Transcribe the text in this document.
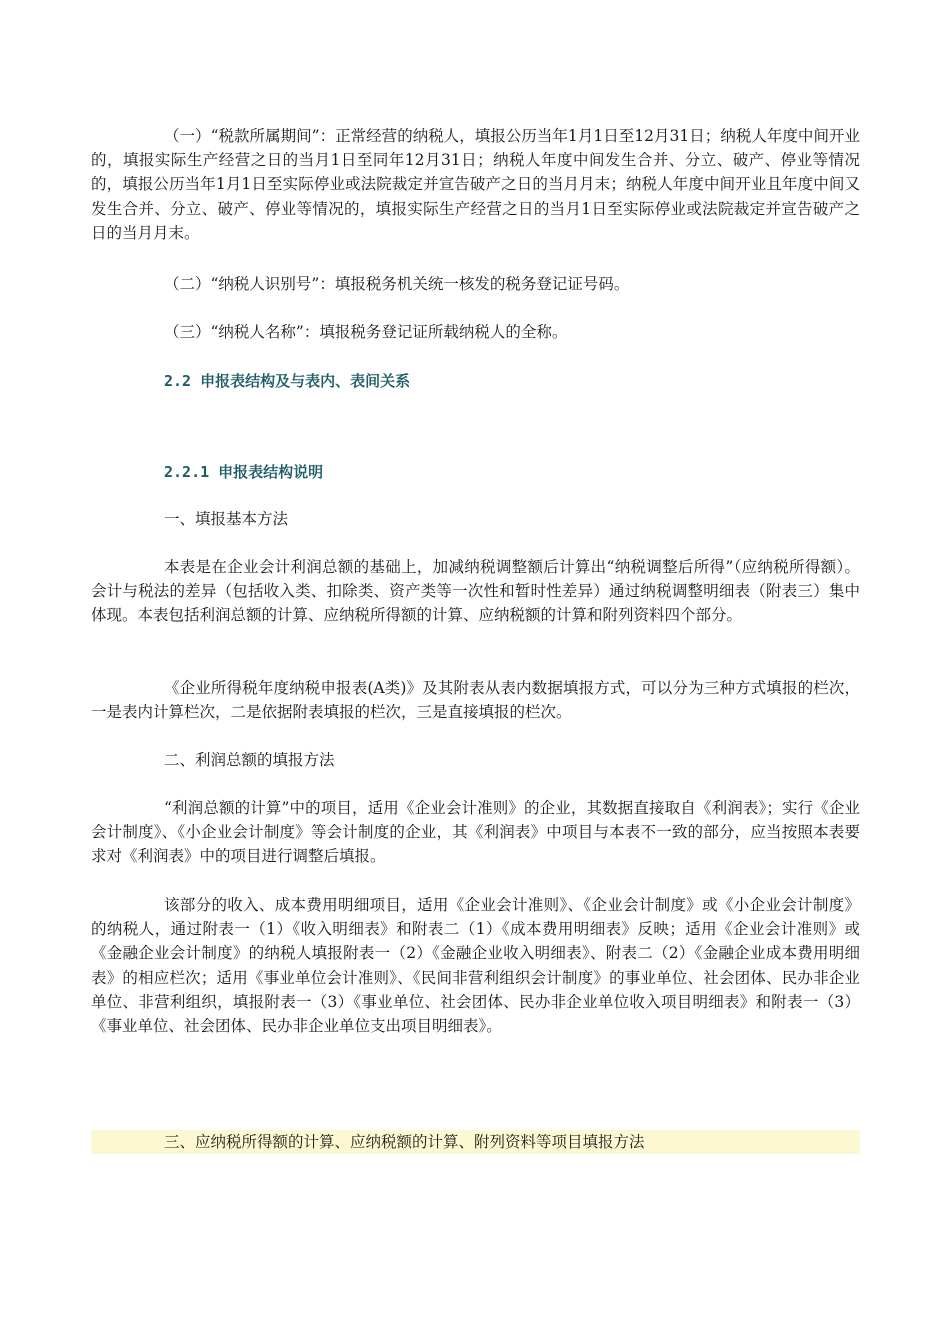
（一）“税款所属期间”：正常经营的纳税人，填报公历当年1月1日至12月31日；纳税人年度中间开业的，填报实际生产经营之日的当月1日至同年12月31日；纳税人年度中间发生合并、分立、破产、停业等情况的，填报公历当年1月1日至实际停业或法院裁定并宣告破产之日的当月月末；纳税人年度中间开业且年度中间又发生合并、分立、破产、停业等情况的，填报实际生产经营之日的当月1日至实际停业或法院裁定并宣告破产之日的当月月末。

（二）“纳税人识别号”：填报税务机关统一核发的税务登记证号码。

（三）“纳税人名称”：填报税务登记证所载纳税人的全称。

2.2 申报表结构及与表内、表间关系
2.2.1 申报表结构说明
一、填报基本方法

本表是在企业会计利润总额的基础上，加减纳税调整额后计算出“纳税调整后所得”（应纳税所得额）。会计与税法的差异（包括收入类、扣除类、资产类等一次性和暂时性差异）通过纳税调整明细表（附表三）集中体现。本表包括利润总额的计算、应纳税所得额的计算、应纳税额的计算和附列资料四个部分。

《企业所得税年度纳税申报表(A类)》及其附表从表内数据填报方式，可以分为三种方式填报的栏次，一是表内计算栏次，二是依据附表填报的栏次，三是直接填报的栏次。

二、利润总额的填报方法

“利润总额的计算”中的项目，适用《企业会计准则》的企业，其数据直接取自《利润表》；实行《企业会计制度》、《小企业会计制度》等会计制度的企业，其《利润表》中项目与本表不一致的部分，应当按照本表要求对《利润表》中的项目进行调整后填报。

该部分的收入、成本费用明细项目，适用《企业会计准则》、《企业会计制度》或《小企业会计制度》的纳税人，通过附表一（1）《收入明细表》和附表二（1）《成本费用明细表》反映；适用《企业会计准则》或《金融企业会计制度》的纳税人填报附表一（2）《金融企业收入明细表》、附表二（2）《金融企业成本费用明细表》的相应栏次；适用《事业单位会计准则》、《民间非营利组织会计制度》的事业单位、社会团体、民办非企业单位、非营利组织，填报附表一（3）《事业单位、社会团体、民办非企业单位收入项目明细表》和附表一（3）《事业单位、社会团体、民办非企业单位支出项目明细表》。

三、应纳税所得额的计算、应纳税额的计算、附列资料等项目填报方法
